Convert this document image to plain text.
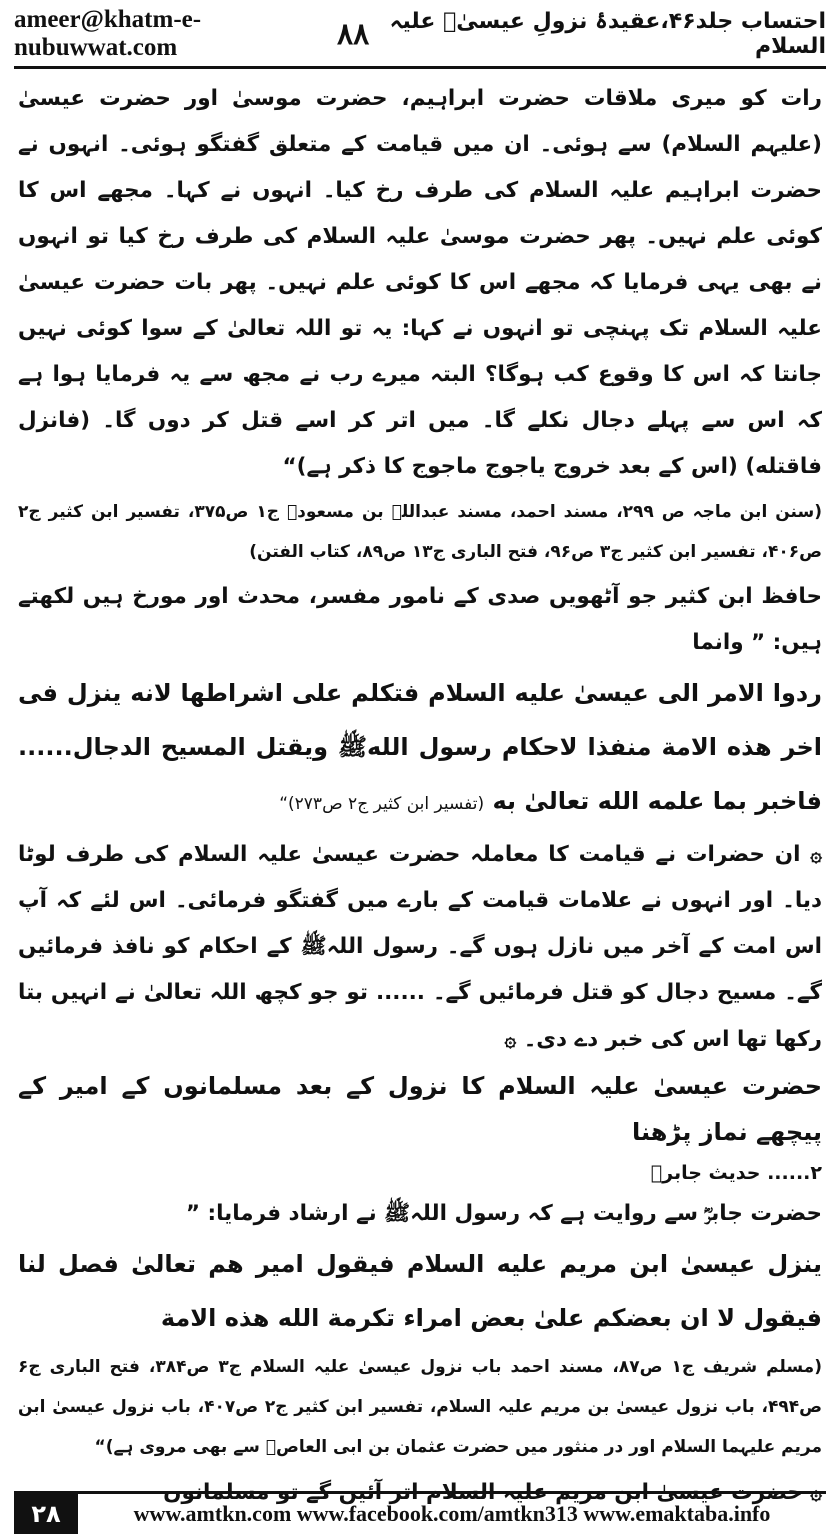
ameer@khatm-e-nubuwwat.com	٨٨ احتساب جلد۴۶،عقیدۂ نزولِ عیسیٰؑ علیہ السلام

رات کو میری ملاقات حضرت ابراہیم، حضرت موسیٰ اور حضرت عیسیٰ (علیہم السلام) سے ہوئی۔ ان میں قیامت کے متعلق گفتگو ہوئی۔ انہوں نے حضرت ابراہیم علیہ السلام کی طرف رخ کیا۔ انہوں نے کہا۔ مجھے اس کا کوئی علم نہیں۔ پھر حضرت موسیٰ علیہ السلام کی طرف رخ کیا تو انہوں نے بھی یہی فرمایا کہ مجھے اس کا کوئی علم نہیں۔ پھر بات حضرت عیسیٰ علیہ السلام تک پہنچی تو انہوں نے کہا: یہ تو اللہ تعالیٰ کے سوا کوئی نہیں جانتا کہ اس کا وقوع کب ہوگا؟ البتہ میرے رب نے مجھ سے یہ فرمایا ہوا ہے کہ اس سے پہلے دجال نکلے گا۔ میں اتر کر اسے قتل کر دوں گا۔ (فانزل فاقتله) (اس کے بعد خروج یاجوج ماجوج کا ذکر ہے)“

(سنن ابن ماجہ ص ۲۹۹، مسند احمد، مسند عبداللہ بن مسعودؓ ج۱ ص۳۷۵، تفسیر ابن کثیر ج۲ ص۴۰۶، تفسیر ابن کثیر ج۳ ص۹۶، فتح الباری ج۱۳ ص۸۹، کتاب الفتن)

حافظ ابن کثیر جو آٹھویں صدی کے نامور مفسر، محدث اور مورخ ہیں لکھتے ہیں: ” وانما

ردوا الامر الی عیسیٰ علیه السلام فتکلم علی اشراطها لانه ینزل فی اخر هذه الامة منفذا لاحکام رسول اللهﷺ ویقتل المسیح الدجال...... فاخبر بما علمه الله تعالیٰ به (تفسیر ابن کثیر ج۲ ص۲۷۳)“

۞ ان حضرات نے قیامت کا معاملہ حضرت عیسیٰ علیہ السلام کی طرف لوٹا دیا۔ اور انہوں نے علامات قیامت کے بارے میں گفتگو فرمائی۔ اس لئے کہ آپ اس امت کے آخر میں نازل ہوں گے۔ رسول اللہﷺ کے احکام کو نافذ فرمائیں گے۔ مسیح دجال کو قتل فرمائیں گے۔ ...... تو جو کچھ اللہ تعالیٰ نے انہیں بتا رکھا تھا اس کی خبر دے دی۔ ۞

حضرت عیسیٰ علیہ السلام کا نزول کے بعد مسلمانوں کے امیر کے پیچھے نماز پڑھنا

۲...... حدیث جابرؓ

حضرت جابرؓ سے روایت ہے کہ رسول اللہﷺ نے ارشاد فرمایا: ”

ینزل عیسیٰ ابن مریم علیه السلام فیقول امیر هم تعالیٰ فصل لنا فیقول لا ان بعضکم علیٰ بعض امراء تکرمة الله هذه الامة

(مسلم شریف ج۱ ص۸۷، مسند احمد باب نزول عیسیٰ علیہ السلام ج۳ ص۳۸۴، فتح الباری ج۶ ص۴۹۴، باب نزول عیسیٰ بن مریم علیہ السلام، تفسیر ابن کثیر ج۲ ص۴۰۷، باب نزول عیسیٰ ابن مریم علیہما السلام اور در منثور میں حضرت عثمان بن ابی العاصؓ سے بھی مروی ہے)“

۞ حضرت عیسیٰ ابن مریم علیہ السلام اتر آئیں گے تو مسلمانوں

۲۸	www.amtkn.com www.facebook.com/amtkn313 www.emaktaba.info
